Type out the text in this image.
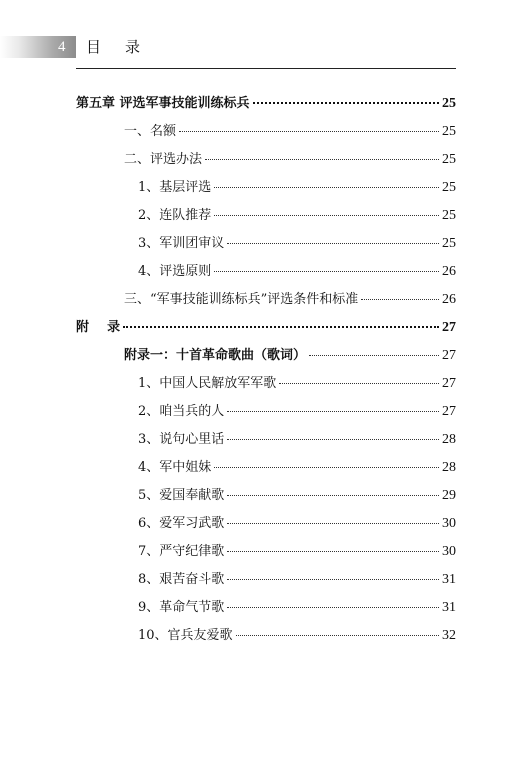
4	目录
第五章 评选军事技能训练标兵	25
一、名额	25
二、评选办法	25
1、基层评选	25
2、连队推荐	25
3、军训团审议	25
4、评选原则	26
三、“军事技能训练标兵”评选条件和标准	26
附    录	27
附录一：十首革命歌曲（歌词）	27
1、中国人民解放军军歌	27
2、咱当兵的人	27
3、说句心里话	28
4、军中姐妹	28
5、爱国奉献歌	29
6、爱军习武歌	30
7、严守纪律歌	30
8、艰苦奋斗歌	31
9、革命气节歌	31
10、官兵友爱歌	32
